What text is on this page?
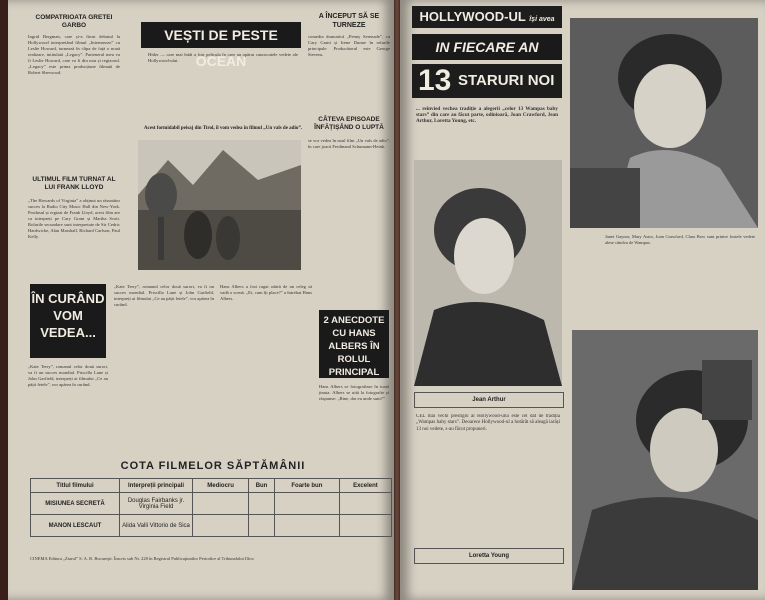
COMPATRIOATA GRETEI GARBO
Ingrid Bergman, care și-a făcut debutul la Hollywood interpretând filmul „Intermezzo” cu Leslie Howard, turnează în clipa de față o nouă realizare, intitulată „Legacy”. Partenerul meu va fi Leslie Howard, care va fi din nou și regizorul. „Legacy” este prima producțiune filmată de Robert Sherwood.
ULTIMUL FILM TURNAT AL LUI FRANK LLOYD
„The Howards of Virginia” a obținut un răsunător succes la Radio City Music Hall din New-York. Produsul și regizat de Frank Lloyd, acest film are ca interpreți pe Cary Grant și Martha Scott. Rolurile secundare sunt interpretate de Sir Cedric Hardwicke, Alan Marshall, Richard Carlson, Paul Kelly.
VEȘTI DE PESTE OCEAN
Hitler — care mai întâi a fost pelicula în care au apărut cunoscutele vedete ale Hollywood-ului.
Acest formidabil peisaj din Tirol, îl vom vedea în filmul „Un vals de adio”.
A ÎNCEPUT SĂ SE TURNEZE
comedia dramatică „Penny Serenade”, cu Cary Grant și Irene Dunne în rolurile principale. Producătorul este George Stevens.
CÂTEVA EPISOADE ÎNFĂȚIȘÂND O LUPTĂ
se vor vedea în noul film „Un vals de adio”, în care joacă Ferdinand Schumann-Heink.
ÎN CURÂND VOM VEDEA...
„Kate Terry”, romanul celor două surori, va fi un succes mondial. Priscilla Lane și John Garfield, interpreți ai filmului „Ce au pățit fetele”, vor apărea în curând.
„Kate Terry”, romanul celor două surori, va fi un succes mondial. Priscilla Lane și John Garfield, interpreți ai filmului „Ce au pățit fetele”, vor apărea în curând.
Hans Albers a fost rugat odată de un celeg să vadă o scenă. „Ei, cum îți place?” a întrebat Hans Albers.
2 ANECDOTE CU HANS ALBERS ÎN ROLUL PRINCIPAL
Hans Albers se fotografiase în toată ținuta. Albers se uită la fotografie și răspunse: „Bine, dar eu unde sunt?”
COTA FILMELOR SĂPTĂMÂNII
Titlul filmului	Interpreții principali	Mediocru	Bun	Foarte bun	Excelent
MISIUNEA SECRETĂ	Douglas Fairbanks jr. Virginia Field				
MANON LESCAUT	Alida Valli Vittorio de Sica				
CINEMA Editura „Ziarul” S. A. R. Bucureşti. Înscris sub Nr. 228 în Registrul Publicaţiunilor Periodice al Tribunalului Ilfov.
HOLLYWOOD-UL își avea
IN FIECARE AN
13 STARURI NOI
... reînvied vechea tradiție a alegerii „celor 13 Wampas baby stars” din care au făcut parte, odinioară, Joan Crawford, Jean Arthur, Loretta Young, etc.
Janet Gaynor, Mary Astor, Joan Crawford, Clara Bow sunt printre fostele vedete alese cândva de Wampas.
Jean Arthur
CEL mai vechi prestigiu al Hollywood-ului este cel dat de tradiția „Wampas baby stars”. Deoarece Hollywood-ul a hotărât să aleagă iarăși 13 noi vedete, s-au făcut propuneri.
Loretta Young
